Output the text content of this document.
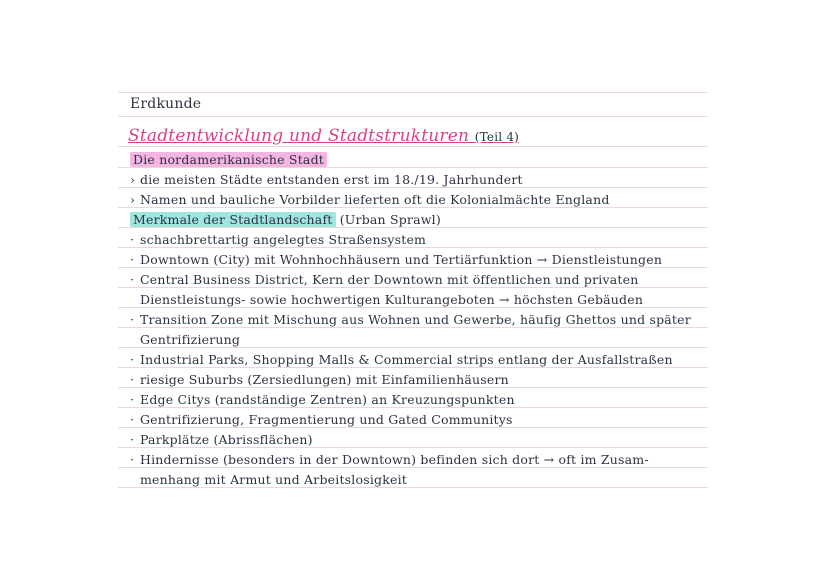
Erdkunde
Stadtentwicklung und Stadtstrukturen (Teil 4)
Die nordamerikanische Stadt
› die meisten Städte entstanden erst im 18./19. Jahrhundert
› Namen und bauliche Vorbilder lieferten oft die Kolonialmächte England
Merkmale der Stadtlandschaft (Urban Sprawl)
· schachbrettartig angelegtes Straßensystem
· Downtown (City) mit Wohnhochhäusern und Tertiärfunktion → Dienstleistungen
· Central Business District, Kern der Downtown mit öffentlichen und privaten
Dienstleistungs- sowie hochwertigen Kulturangeboten → höchsten Gebäuden
· Transition Zone mit Mischung aus Wohnen und Gewerbe, häufig Ghettos und später
Gentrifizierung
· Industrial Parks, Shopping Malls & Commercial strips entlang der Ausfallstraßen
· riesige Suburbs (Zersiedlungen) mit Einfamilienhäusern
· Edge Citys (randständige Zentren) an Kreuzungspunkten
· Gentrifizierung, Fragmentierung und Gated Communitys
· Parkplätze (Abrissflächen)
· Hindernisse (besonders in der Downtown) befinden sich dort → oft im Zusam-
menhang mit Armut und Arbeitslosigkeit
